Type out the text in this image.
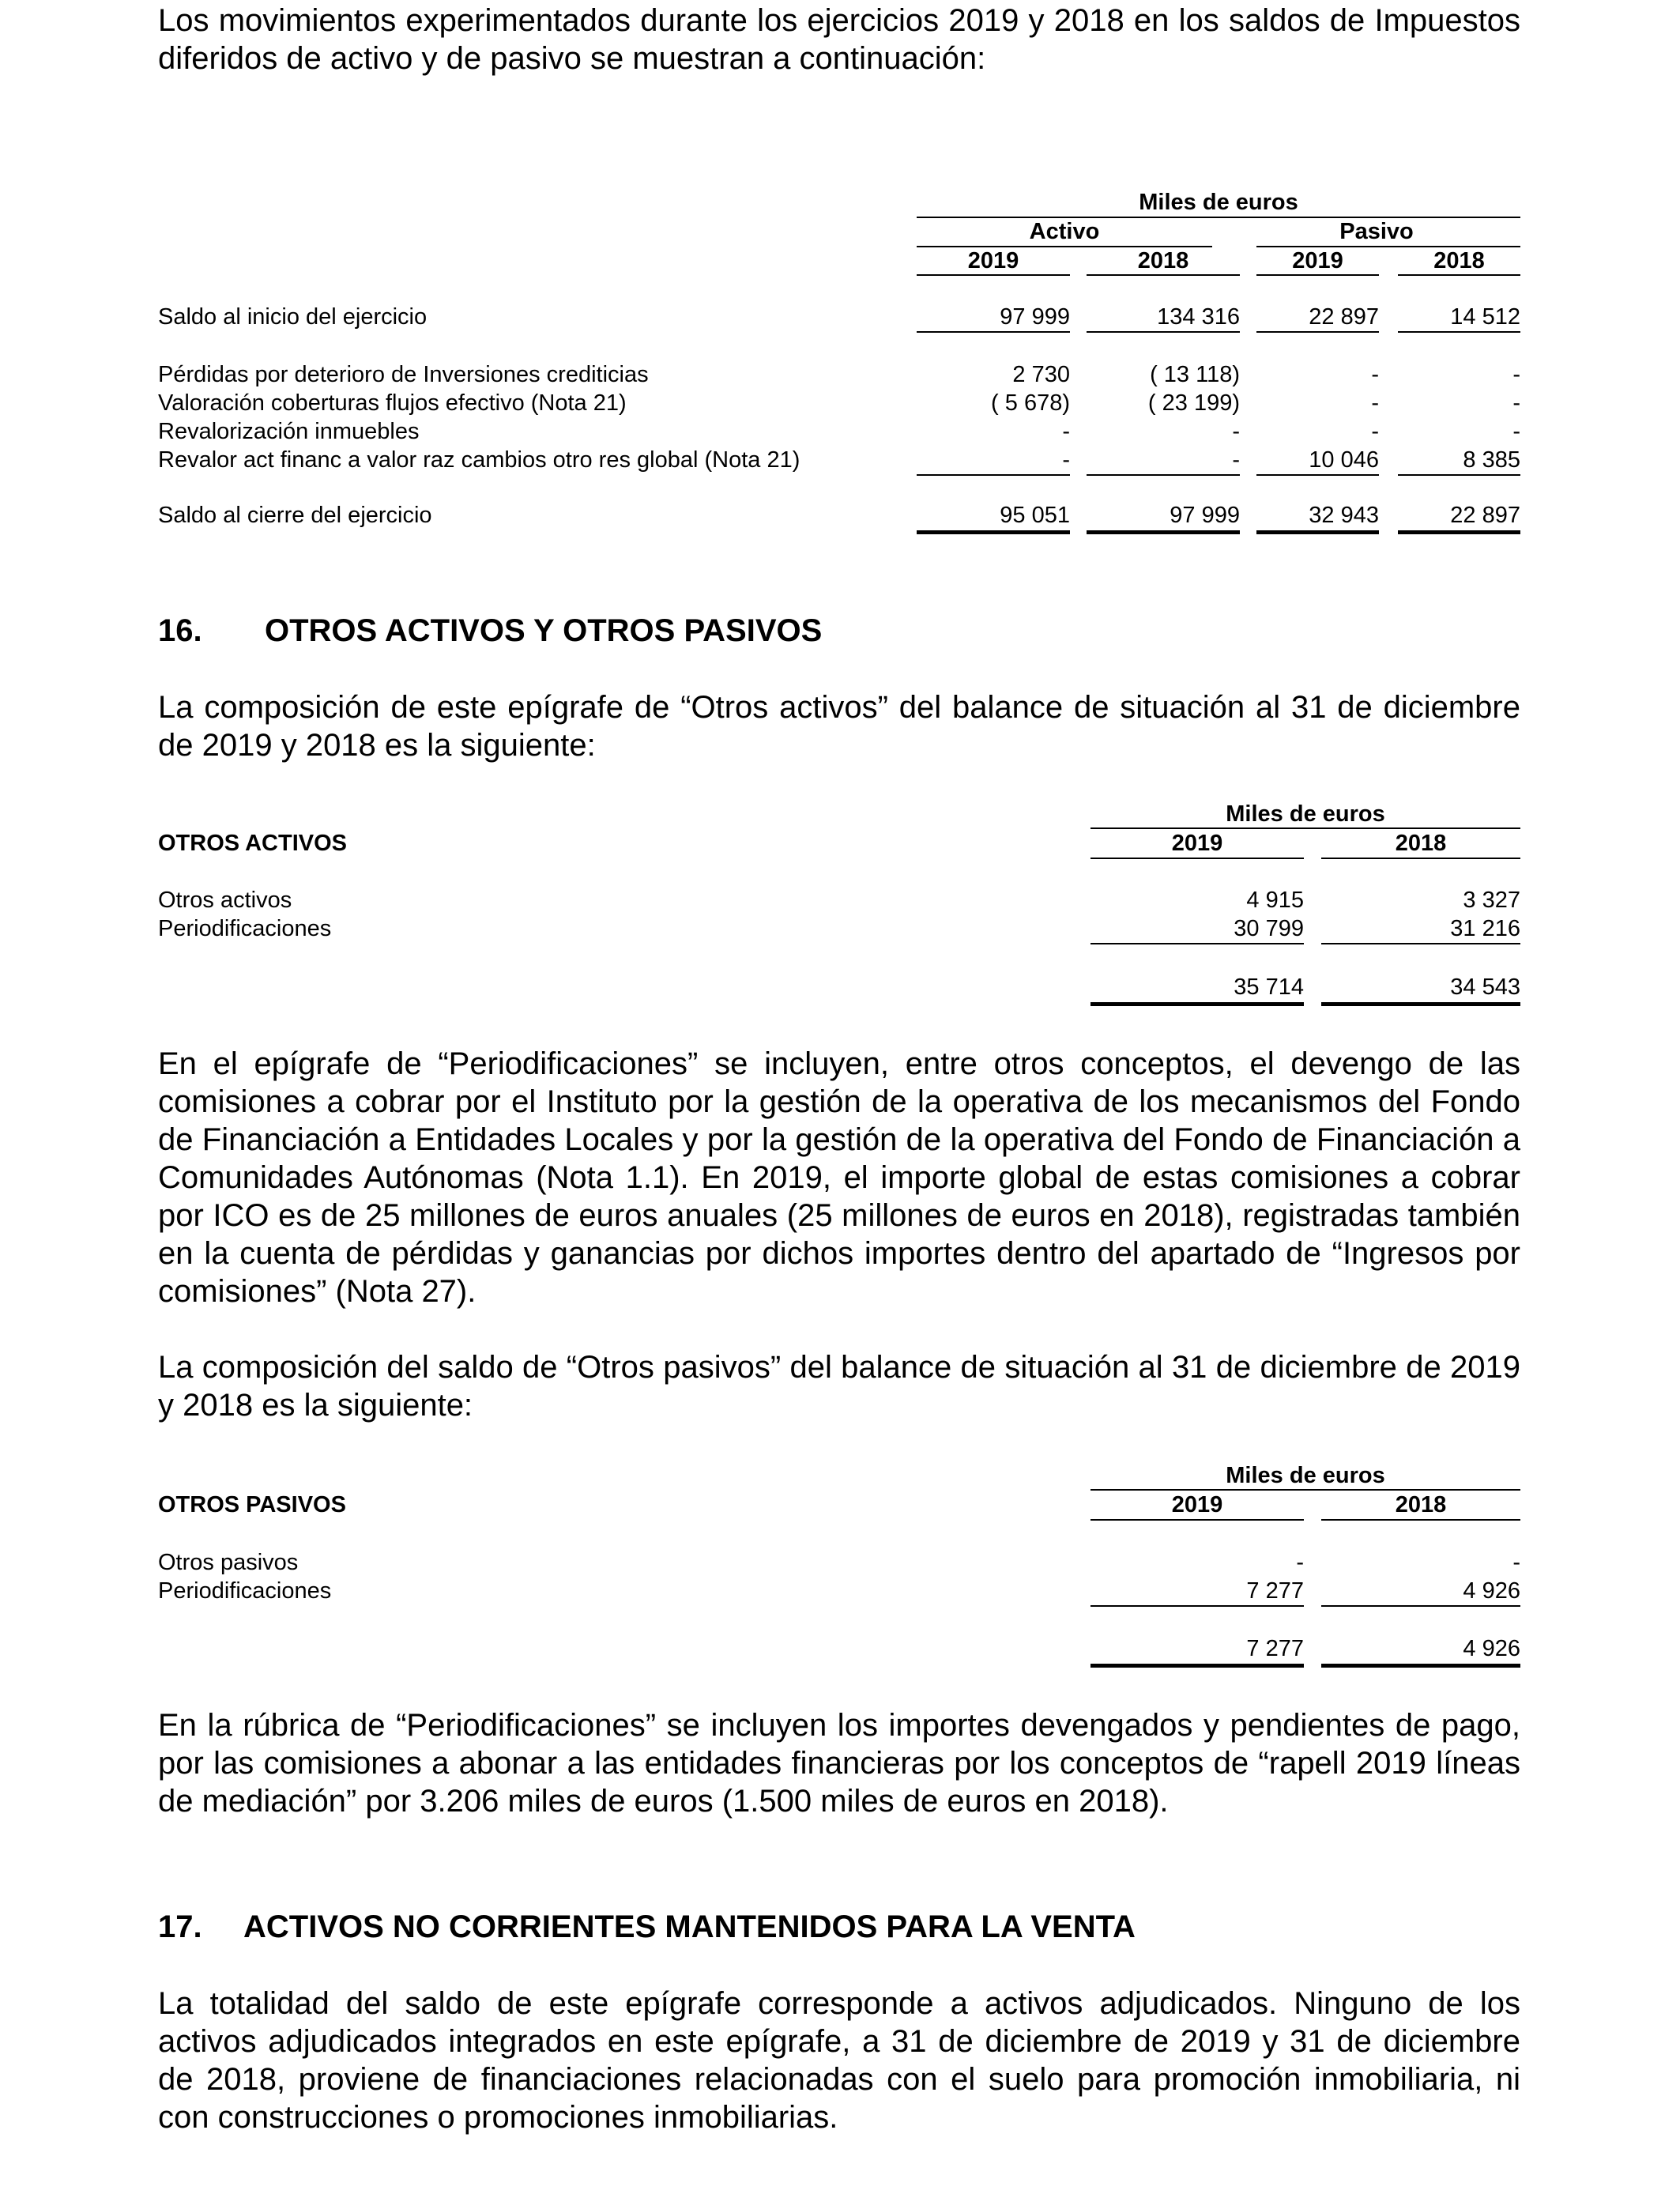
Los movimientos experimentados durante los ejercicios 2019 y 2018 en los saldos de Impuestos diferidos de activo y de pasivo se muestran a continuación:

Miles de euros
Activo	Pasivo
2019	2018	2019	2018
Saldo al inicio del ejercicio	97 999	134 316	22 897	14 512
Pérdidas por deterioro de Inversiones crediticias	2 730	( 13 118)	-	-
Valoración coberturas flujos efectivo (Nota 21)	( 5 678)	( 23 199)	-	-
Revalorización inmuebles	-	-	-	-
Revalor act financ a valor raz cambios otro res global (Nota 21)	-	-	10 046	8 385
Saldo al cierre del ejercicio	95 051	97 999	32 943	22 897
16. OTROS ACTIVOS Y OTROS PASIVOS

La composición de este epígrafe de “Otros activos” del balance de situación al 31 de diciembre de 2019 y 2018 es la siguiente:

Miles de euros
OTROS ACTIVOS	2019	2018
Otros activos	4 915	3 327
Periodificaciones	30 799	31 216
35 714	34 543

En el epígrafe de “Periodificaciones” se incluyen, entre otros conceptos, el devengo de las comisiones a cobrar por el Instituto por la gestión de la operativa de los mecanismos del Fondo de Financiación a Entidades Locales y por la gestión de la operativa del Fondo de Financiación a Comunidades Autónomas (Nota 1.1). En 2019, el importe global de estas comisiones a cobrar por ICO es de 25 millones de euros anuales (25 millones de euros en 2018), registradas también en la cuenta de pérdidas y ganancias por dichos importes dentro del apartado de “Ingresos por comisiones” (Nota 27).

La composición del saldo de “Otros pasivos” del balance de situación al 31 de diciembre de 2019 y 2018 es la siguiente:

Miles de euros
OTROS PASIVOS	2019	2018
Otros pasivos	-	-
Periodificaciones	7 277	4 926
7 277	4 926

En la rúbrica de “Periodificaciones” se incluyen los importes devengados y pendientes de pago, por las comisiones a abonar a las entidades financieras por los conceptos de “rapell 2019 líneas de mediación” por 3.206 miles de euros (1.500 miles de euros en 2018).

17. ACTIVOS NO CORRIENTES MANTENIDOS PARA LA VENTA

La totalidad del saldo de este epígrafe corresponde a activos adjudicados. Ninguno de los activos adjudicados integrados en este epígrafe, a 31 de diciembre de 2019 y 31 de diciembre de 2018, proviene de financiaciones relacionadas con el suelo para promoción inmobiliaria, ni con construcciones o promociones inmobiliarias.
